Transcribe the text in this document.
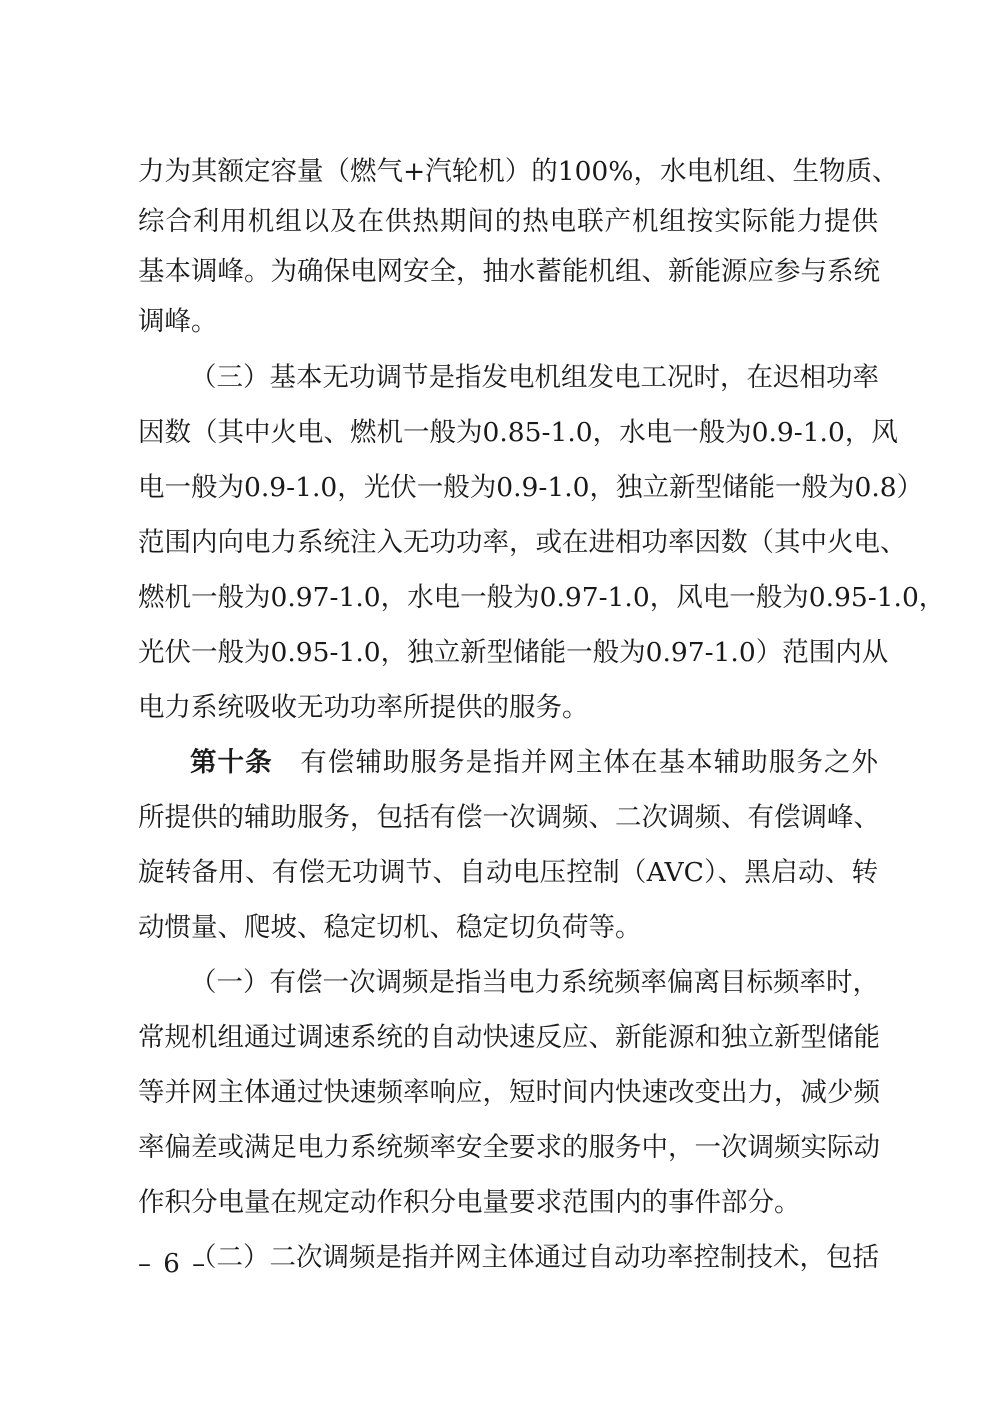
力为其额定容量（燃气+汽轮机）的100%，水电机组、生物质、
综合利用机组以及在供热期间的热电联产机组按实际能力提供
基本调峰。为确保电网安全，抽水蓄能机组、新能源应参与系统
调峰。
（三）基本无功调节是指发电机组发电工况时，在迟相功率
因数（其中火电、燃机一般为0.85-1.0，水电一般为0.9-1.0，风
电一般为0.9-1.0，光伏一般为0.9-1.0，独立新型储能一般为0.8）
范围内向电力系统注入无功功率，或在进相功率因数（其中火电、
燃机一般为0.97-1.0，水电一般为0.97-1.0，风电一般为0.95-1.0，
光伏一般为0.95-1.0，独立新型储能一般为0.97-1.0）范围内从
电力系统吸收无功功率所提供的服务。
第十条　 有偿辅助服务是指并网主体在基本辅助服务之外
所提供的辅助服务，包括有偿一次调频、二次调频、有偿调峰、
旋转备用、有偿无功调节、自动电压控制（AVC）、黑启动、转
动惯量、爬坡、稳定切机、稳定切负荷等。
（一）有偿一次调频是指当电力系统频率偏离目标频率时，
常规机组通过调速系统的自动快速反应、新能源和独立新型储能
等并网主体通过快速频率响应，短时间内快速改变出力，减少频
率偏差或满足电力系统频率安全要求的服务中，一次调频实际动
作积分电量在规定动作积分电量要求范围内的事件部分。
（二）二次调频是指并网主体通过自动功率控制技术，包括
– 6 –
